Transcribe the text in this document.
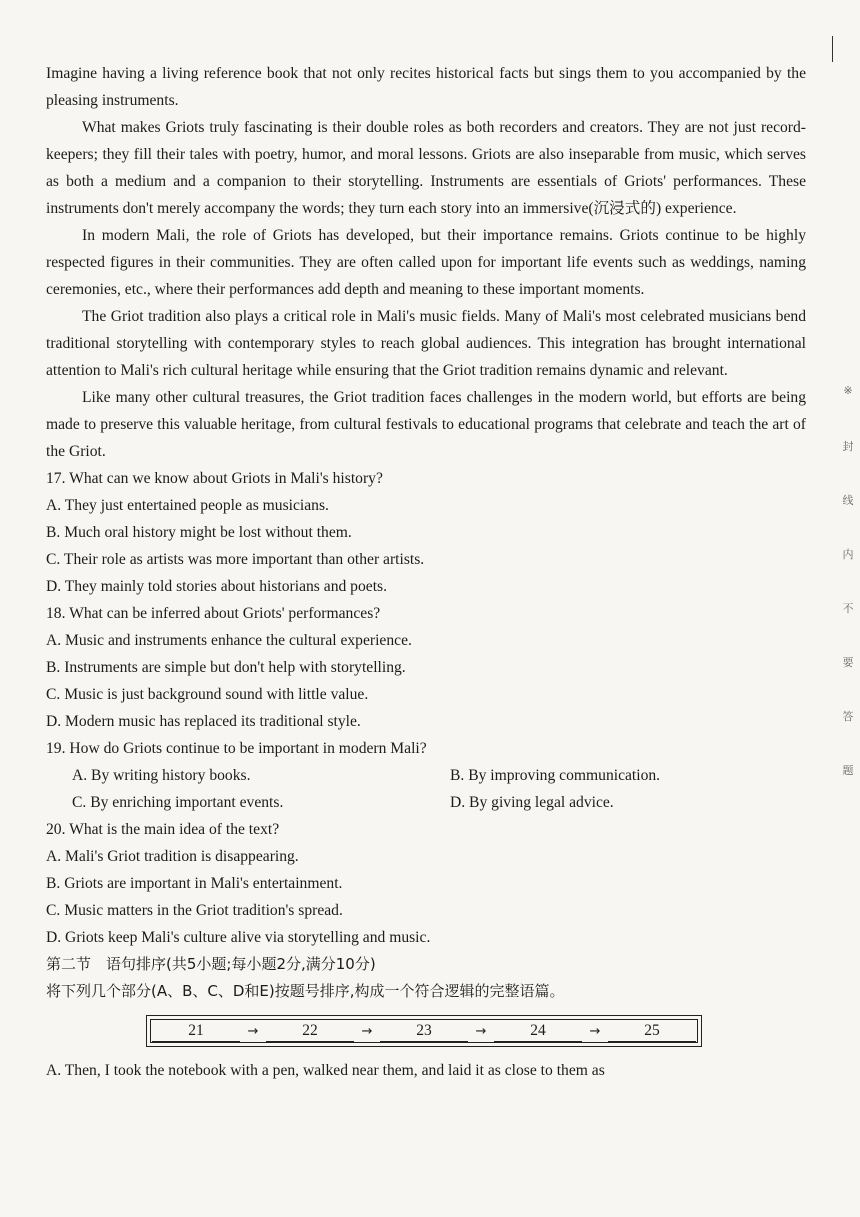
※
封
线
内
不
要
答
题

Imagine having a living reference book that not only recites historical facts but sings them to you accompanied by the pleasing instruments.

What makes Griots truly fascinating is their double roles as both recorders and creators. They are not just record-keepers; they fill their tales with poetry, humor, and moral lessons. Griots are also inseparable from music, which serves as both a medium and a companion to their storytelling. Instruments are essentials of Griots' performances. These instruments don't merely accompany the words; they turn each story into an immersive(沉浸式的) experience.

In modern Mali, the role of Griots has developed, but their importance remains. Griots continue to be highly respected figures in their communities. They are often called upon for important life events such as weddings, naming ceremonies, etc., where their performances add depth and meaning to these important moments.

The Griot tradition also plays a critical role in Mali's music fields. Many of Mali's most celebrated musicians bend traditional storytelling with contemporary styles to reach global audiences. This integration has brought international attention to Mali's rich cultural heritage while ensuring that the Griot tradition remains dynamic and relevant.

Like many other cultural treasures, the Griot tradition faces challenges in the modern world, but efforts are being made to preserve this valuable heritage, from cultural festivals to educational programs that celebrate and teach the art of the Griot.

17. What can we know about Griots in Mali's history?

A. They just entertained people as musicians.

B. Much oral history might be lost without them.

C. Their role as artists was more important than other artists.

D. They mainly told stories about historians and poets.

18. What can be inferred about Griots' performances?

A. Music and instruments enhance the cultural experience.

B. Instruments are simple but don't help with storytelling.

C. Music is just background sound with little value.

D. Modern music has replaced its traditional style.

19. How do Griots continue to be important in modern Mali?

A. By writing history books.	B. By improving communication.
C. By enriching important events.	D. By giving legal advice.

20. What is the main idea of the text?

A. Mali's Griot tradition is disappearing.

B. Griots are important in Mali's entertainment.

C. Music matters in the Griot tradition's spread.

D. Griots keep Mali's culture alive via storytelling and music.

第二节　语句排序(共5小题;每小题2分,满分10分)

将下列几个部分(A、B、C、D和E)按题号排序,构成一个符合逻辑的完整语篇。

21	→	22	→	23	→	24	→	25

A. Then, I took the notebook with a pen, walked near them, and laid it as close to them as
